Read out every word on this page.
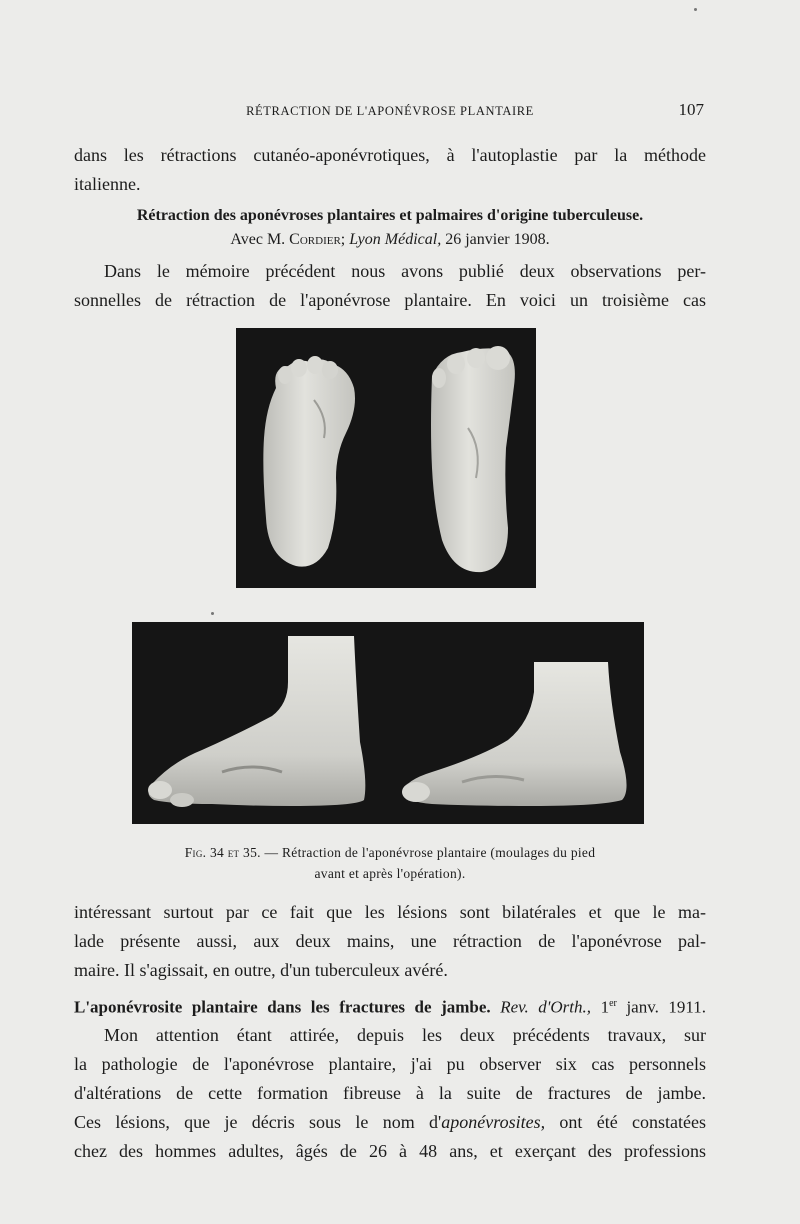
RÉTRACTION DE L'APONÉVROSE PLANTAIRE	107
dans les rétractions cutanéo-aponévrotiques, à l'autoplastie par la méthode
italienne.
Rétraction des aponévroses plantaires et palmaires d'origine tuberculeuse.
Avec M. Cordier; Lyon Médical, 26 janvier 1908.
Dans le mémoire précédent nous avons publié deux observations per-
sonnelles de rétraction de l'aponévrose plantaire. En voici un troisième cas
Fig. 34 et 35. — Rétraction de l'aponévrose plantaire (moulages du pied
avant et après l'opération).
intéressant surtout par ce fait que les lésions sont bilatérales et que le ma-
lade présente aussi, aux deux mains, une rétraction de l'aponévrose pal-
maire. Il s'agissait, en outre, d'un tuberculeux avéré.
L'aponévrosite plantaire dans les fractures de jambe. Rev. d'Orth., 1er janv. 1911.
Mon attention étant attirée, depuis les deux précédents travaux, sur
la pathologie de l'aponévrose plantaire, j'ai pu observer six cas personnels
d'altérations de cette formation fibreuse à la suite de fractures de jambe.
Ces lésions, que je décris sous le nom d'aponévrosites, ont été constatées
chez des hommes adultes, âgés de 26 à 48 ans, et exerçant des professions
